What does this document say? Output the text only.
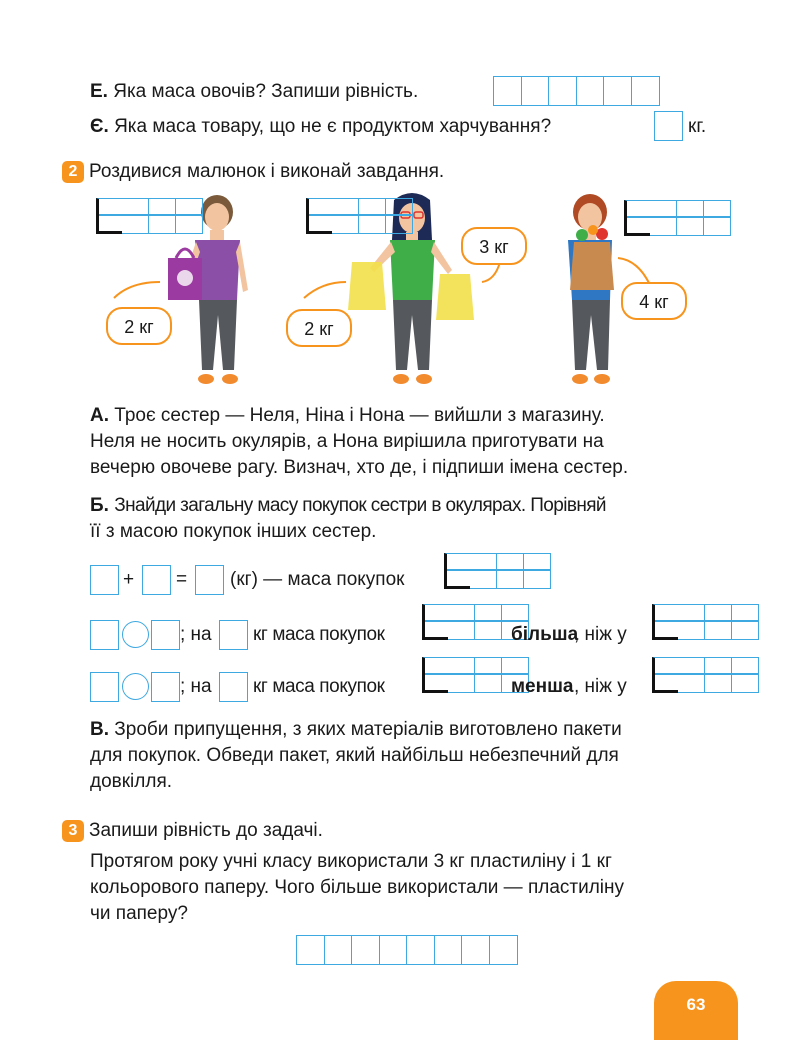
Е. Яка маса овочів? Запиши рівність.
Є. Яка маса товару, що не є продуктом харчування?	кг.
2 Роздивися малюнок і виконай завдання.
2 кг	2 кг
3 кг
4 кг
А. Троє сестер — Неля, Ніна і Нона — вийшли з магазину.
Неля не носить окулярів, а Нона вирішила приготувати на
вечерю овочеве рагу. Визнач, хто де, і підпиши імена сестер.
Б. Знайди загальну масу покупок сестри в окулярах. Порівняй
її з масою покупок інших сестер.
+ = (кг) — маса покупок
; на кг маса покупок	більша
, ніж у
; на кг маса покупок	менша , ніж у
В. Зроби припущення, з яких матеріалів виготовлено пакети
для покупок. Обведи пакет, який найбільш небезпечний для
довкілля.
3 Запиши рівність до задачі.
Протягом року учні класу використали 3 кг пластиліну і 1 кг
кольорового паперу. Чого більше використали — пластиліну
чи паперу?
63
